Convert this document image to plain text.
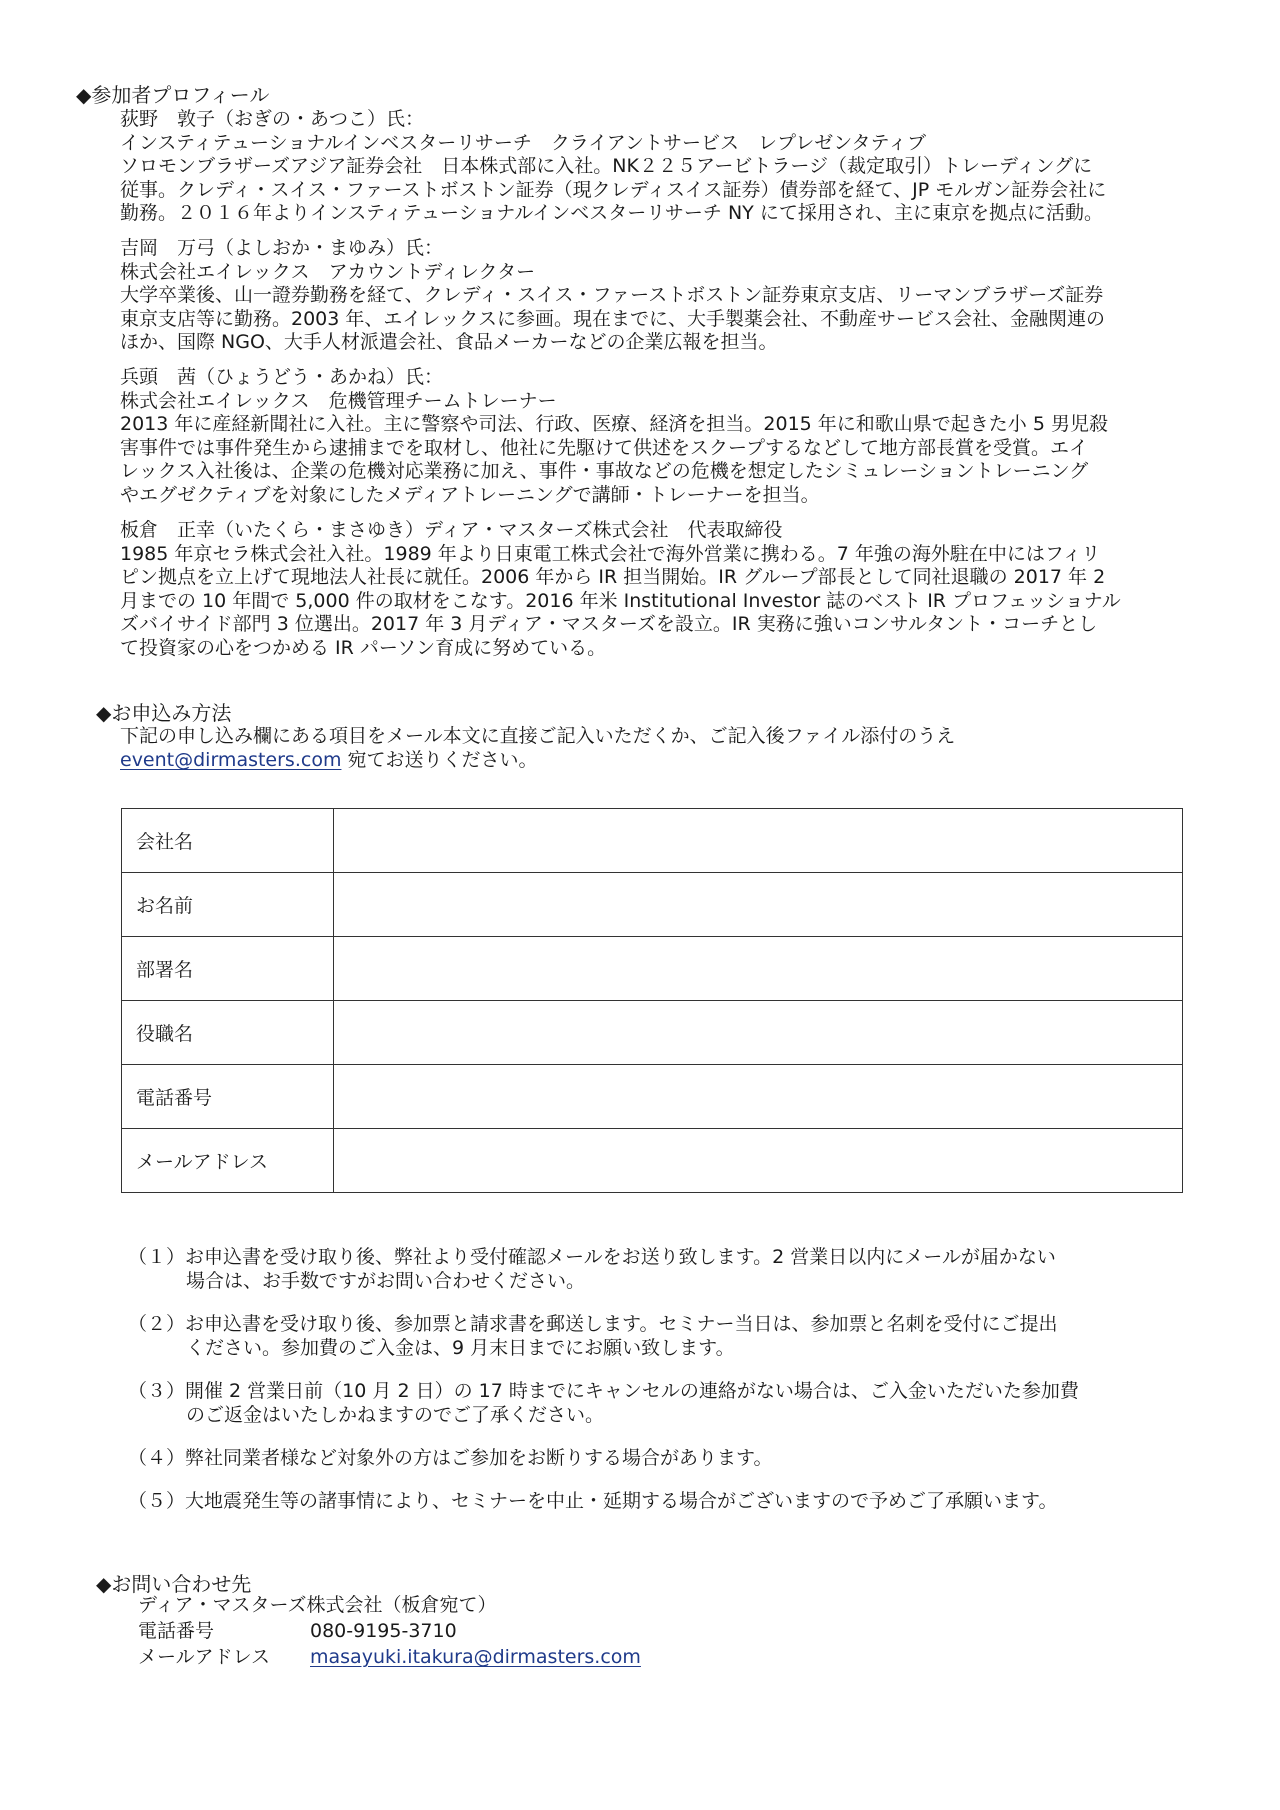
◆参加者プロフィール
荻野　敦子（おぎの・あつこ）氏：
インスティテューショナルインベスターリサーチ　クライアントサービス　レプレゼンタティブ
ソロモンブラザーズアジア証券会社　日本株式部に入社。NK２２５アービトラージ（裁定取引）トレーディングに
従事。クレディ・スイス・ファーストボストン証券（現クレディスイス証券）債券部を経て、JP モルガン証券会社に
勤務。２０１６年よりインスティテューショナルインベスターリサーチ NY にて採用され、主に東京を拠点に活動。
吉岡　万弓（よしおか・まゆみ）氏：
株式会社エイレックス　アカウントディレクター
大学卒業後、山一證券勤務を経て、クレディ・スイス・ファーストボストン証券東京支店、リーマンブラザーズ証券
東京支店等に勤務。2003 年、エイレックスに参画。現在までに、大手製薬会社、不動産サービス会社、金融関連の
ほか、国際 NGO、大手人材派遣会社、食品メーカーなどの企業広報を担当。
兵頭　茜（ひょうどう・あかね）氏：
株式会社エイレックス　危機管理チームトレーナー
2013 年に産経新聞社に入社。主に警察や司法、行政、医療、経済を担当。2015 年に和歌山県で起きた小 5 男児殺
害事件では事件発生から逮捕までを取材し、他社に先駆けて供述をスクープするなどして地方部長賞を受賞。エイ
レックス入社後は、企業の危機対応業務に加え、事件・事故などの危機を想定したシミュレーショントレーニング
やエグゼクティブを対象にしたメディアトレーニングで講師・トレーナーを担当。
板倉　正幸（いたくら・まさゆき）ディア・マスターズ株式会社　代表取締役
1985 年京セラ株式会社入社。1989 年より日東電工株式会社で海外営業に携わる。7 年強の海外駐在中にはフィリ
ピン拠点を立上げて現地法人社長に就任。2006 年から IR 担当開始。IR グループ部長として同社退職の 2017 年 2
月までの 10 年間で 5,000 件の取材をこなす。2016 年米 Institutional Investor 誌のベスト IR プロフェッショナル
ズバイサイド部門 3 位選出。2017 年 3 月ディア・マスターズを設立。IR 実務に強いコンサルタント・コーチとし
て投資家の心をつかめる IR パーソン育成に努めている。
◆お申込み方法
下記の申し込み欄にある項目をメール本文に直接ご記入いただくか、ご記入後ファイル添付のうえ
event@dirmasters.com 宛てお送りください。
会社名	
お名前	
部署名	
役職名	
電話番号	
メールアドレス	
（１）お申込書を受け取り後、弊社より受付確認メールをお送り致します。2 営業日以内にメールが届かない
場合は、お手数ですがお問い合わせください。
（２）お申込書を受け取り後、参加票と請求書を郵送します。セミナー当日は、参加票と名刺を受付にご提出
ください。参加費のご入金は、9 月末日までにお願い致します。
（３）開催 2 営業日前（10 月 2 日）の 17 時までにキャンセルの連絡がない場合は、ご入金いただいた参加費
のご返金はいたしかねますのでご了承ください。
（４）弊社同業者様など対象外の方はご参加をお断りする場合があります。
（５）大地震発生等の諸事情により、セミナーを中止・延期する場合がございますので予めご了承願います。
◆お問い合わせ先
ディア・マスターズ株式会社（板倉宛て）
電話番号	080-9195-3710
メールアドレス masayuki.itakura@dirmasters.com
